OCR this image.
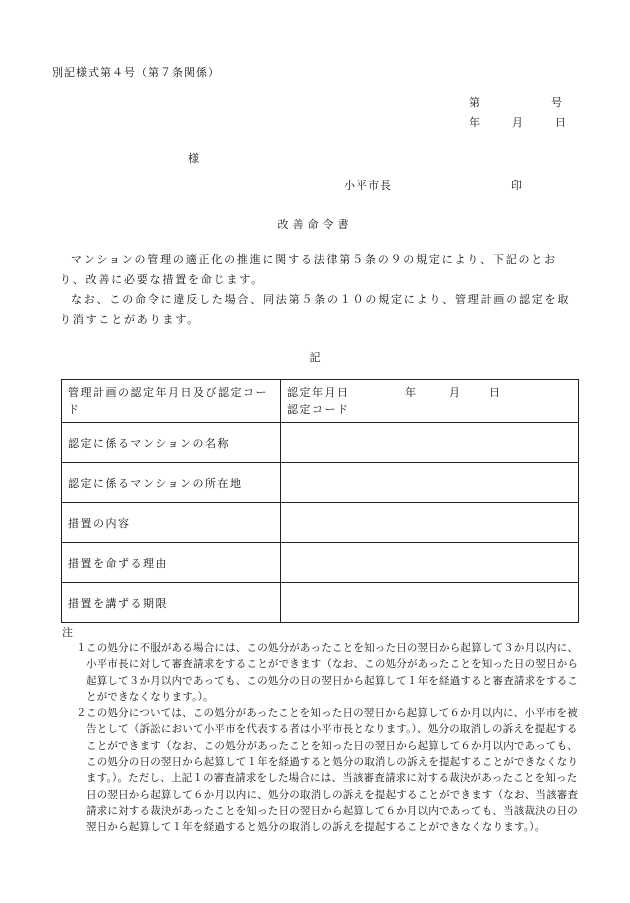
別記様式第４号（第７条関係）
第	号
年	月	日
様
小平市長	印
改善命令書

マンションの管理の適正化の推進に関する法律第５条の９の規定により、下記のとおり、改善に必要な措置を命じます。

なお、この命令に違反した場合、同法第５条の１０の規定により、管理計画の認定を取り消すことがあります。

記
管理計画の認定年月日及び認定コード	認定年月日 年 月 日
認定コード

認定に係るマンションの名称	
認定に係るマンションの所在地	
措置の内容	
措置を命ずる理由	
措置を講ずる期限	
注

１ この処分に不服がある場合には、この処分があったことを知った日の翌日から起算して３か月以内に、小平市長に対して審査請求をすることができます（なお、この処分があったことを知った日の翌日から起算して３か月以内であっても、この処分の日の翌日から起算して１年を経過すると審査請求をすることができなくなります。）。

２ この処分については、この処分があったことを知った日の翌日から起算して６か月以内に、小平市を被告として（訴訟において小平市を代表する者は小平市長となります。）、処分の取消しの訴えを提起することができます（なお、この処分があったことを知った日の翌日から起算して６か月以内であっても、この処分の日の翌日から起算して１年を経過すると処分の取消しの訴えを提起することができなくなります。）。ただし、上記１の審査請求をした場合には、当該審査請求に対する裁決があったことを知った日の翌日から起算して６か月以内に、処分の取消しの訴えを提起することができます（なお、当該審査請求に対する裁決があったことを知った日の翌日から起算して６か月以内であっても、当該裁決の日の翌日から起算して１年を経過すると処分の取消しの訴えを提起することができなくなります。）。
